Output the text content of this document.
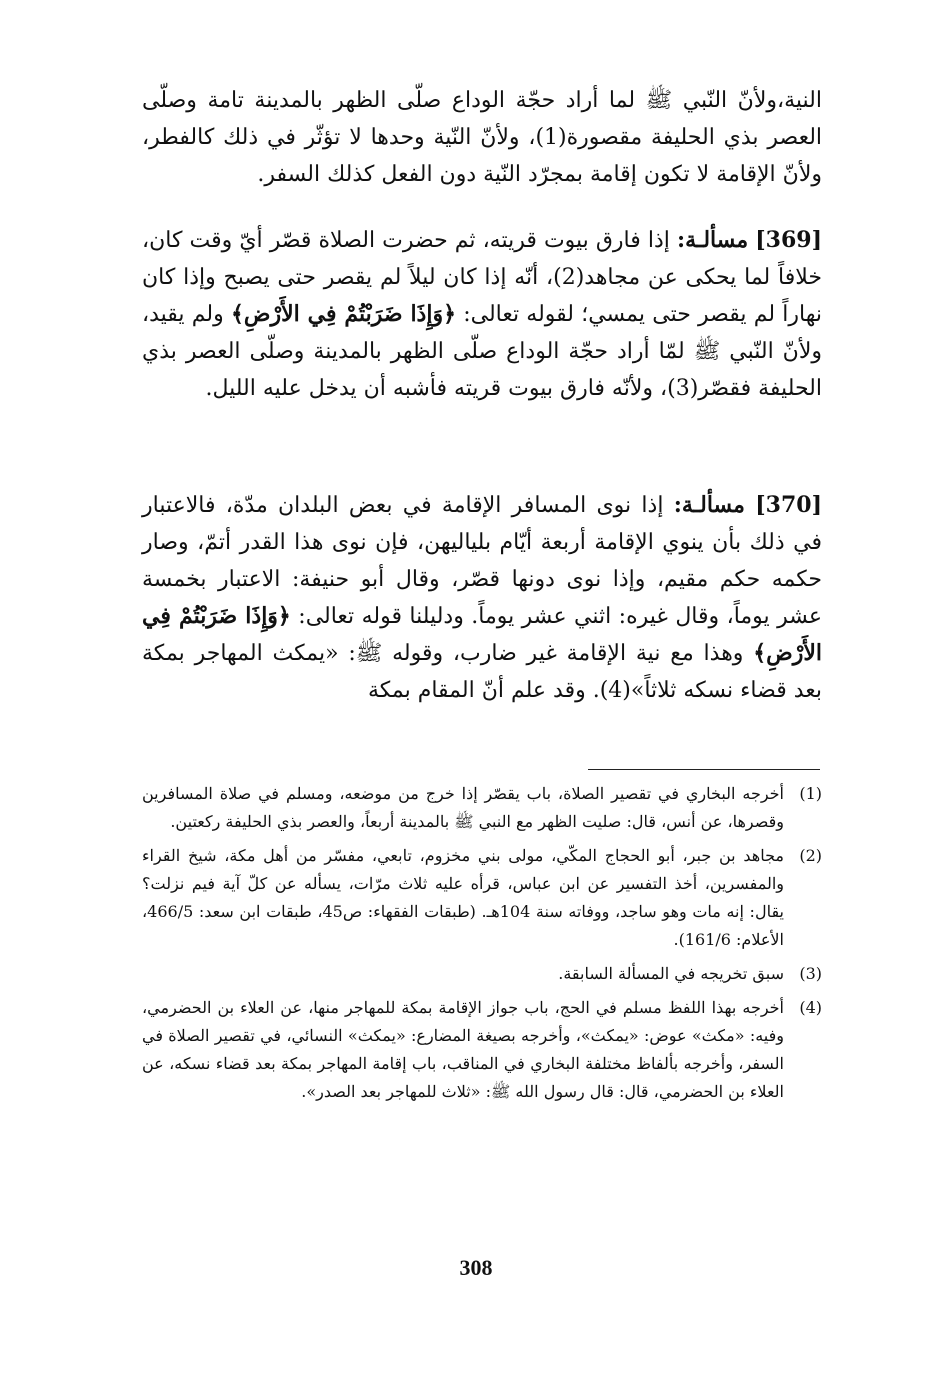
النية،ولأنّ النّبي ﷺ لما أراد حجّة الوداع صلّى الظهر بالمدينة تامة وصلّى العصر بذي الحليفة مقصورة(1)، ولأنّ النّية وحدها لا تؤثّر في ذلك كالفطر، ولأنّ الإقامة لا تكون إقامة بمجرّد النّية دون الفعل كذلك السفر.

[369] مسألـة: إذا فارق بيوت قريته، ثم حضرت الصلاة قصّر أيّ وقت كان، خلافاً لما يحكى عن مجاهد(2)، أنّه إذا كان ليلاً لم يقصر حتى يصبح وإذا كان نهاراً لم يقصر حتى يمسي؛ لقوله تعالى: ﴿وَإِذَا ضَرَبْتُمْ فِي الأَرْضِ﴾ ولم يقيد، ولأنّ النّبي ﷺ لمّا أراد حجّة الوداع صلّى الظهر بالمدينة وصلّى العصر بذي الحليفة فقصّر(3)، ولأنّه فارق بيوت قريته فأشبه أن يدخل عليه الليل.

[370] مسألـة: إذا نوى المسافر الإقامة في بعض البلدان مدّة، فالاعتبار في ذلك بأن ينوي الإقامة أربعة أيّام بلياليهن، فإن نوى هذا القدر أتمّ، وصار حكمه حكم مقيم، وإذا نوى دونها قصّر، وقال أبو حنيفة: الاعتبار بخمسة عشر يوماً، وقال غيره: اثني عشر يوماً. ودليلنا قوله تعالى: ﴿وَإِذَا ضَرَبْتُمْ فِي الأَرْضِ﴾ وهذا مع نية الإقامة غير ضارب، وقوله ﷺ: «يمكث المهاجر بمكة بعد قضاء نسكه ثلاثاً»(4). وقد علم أنّ المقام بمكة

(1)
أخرجه البخاري في تقصير الصلاة، باب يقصّر إذا خرج من موضعه، ومسلم في صلاة المسافرين وقصرها، عن أنس، قال: صليت الظهر مع النبي ﷺ بالمدينة أربعاً، والعصر بذي الحليفة ركعتين.
(2)
مجاهد بن جبر، أبو الحجاج المكّي، مولى بني مخزوم، تابعي، مفسّر من أهل مكة، شيخ القراء والمفسرين، أخذ التفسير عن ابن عباس، قرأه عليه ثلاث مرّات، يسأله عن كلّ آية فيم نزلت؟ يقال: إنه مات وهو ساجد، ووفاته سنة 104هـ. (طبقات الفقهاء: ص45، طبقات ابن سعد: 466/5، الأعلام: 161/6).
(3)
سبق تخريجه في المسألة السابقة.
(4)
أخرجه بهذا اللفظ مسلم في الحج، باب جواز الإقامة بمكة للمهاجر منها، عن العلاء بن الحضرمي، وفيه: «مكث» عوض: «يمكث»، وأخرجه بصيغة المضارع: «يمكث» النسائي، في تقصير الصلاة في السفر، وأخرجه بألفاظ مختلفة البخاري في المناقب، باب إقامة المهاجر بمكة بعد قضاء نسكه، عن العلاء بن الحضرمي، قال: قال رسول الله ﷺ: «ثلاث للمهاجر بعد الصدر».
308
